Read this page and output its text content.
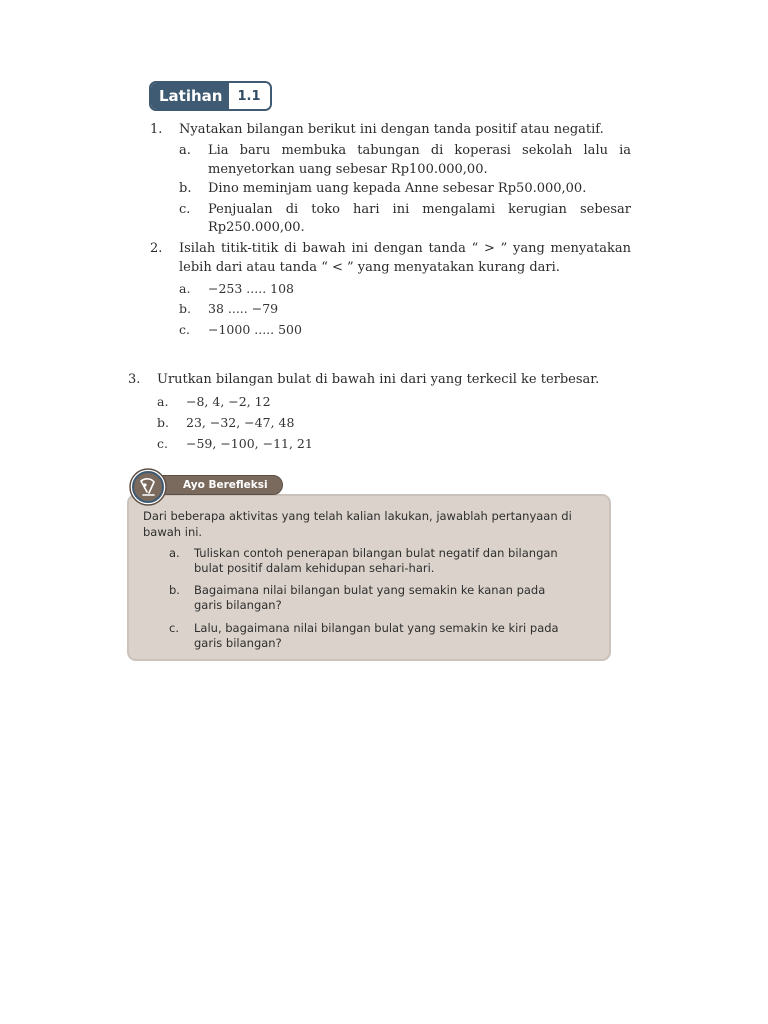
Latihan	1.1
1. Nyatakan bilangan berikut ini dengan tanda positif atau negatif.
a. Lia baru membuka tabungan di koperasi sekolah lalu ia
menyetorkan uang sebesar Rp100.000,00.
b. Dino meminjam uang kepada Anne sebesar Rp50.000,00.
c. Penjualan di toko hari ini mengalami kerugian sebesar
Rp250.000,00.
2. Isilah titik-titik di bawah ini dengan tanda “ > ” yang menyatakan
lebih dari atau tanda “ < ” yang menyatakan kurang dari.
a. −253 ..... 108
b. 38 ..... −79
c. −1000 ..... 500
3. Urutkan bilangan bulat di bawah ini dari yang terkecil ke terbesar.
a. −8, 4, −2, 12
b. 23, −32, −47, 48
c. −59, −100, −11, 21
Ayo Berefleksi
Dari beberapa aktivitas yang telah kalian lakukan, jawablah pertanyaan di
bawah ini.
a. Tuliskan contoh penerapan bilangan bulat negatif dan bilangan
bulat positif dalam kehidupan sehari-hari.
b. Bagaimana nilai bilangan bulat yang semakin ke kanan pada
garis bilangan?
c. Lalu, bagaimana nilai bilangan bulat yang semakin ke kiri pada
garis bilangan?
